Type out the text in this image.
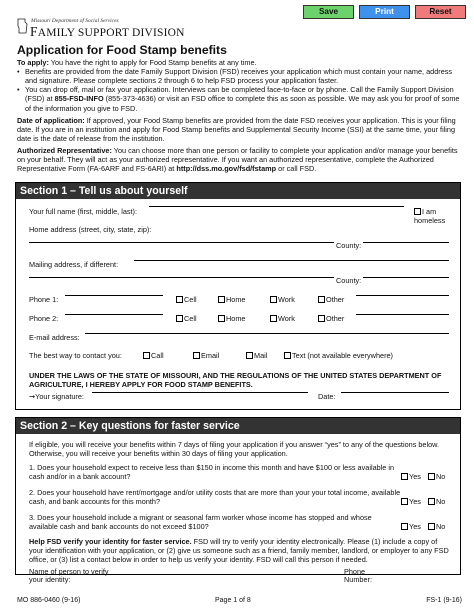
Save	Print	Reset
Missouri Department of Social Services
FAMILY SUPPORT DIVISION
Application for Food Stamp benefits

To apply: You have the right to apply for Food Stamp benefits at any time.

• Benefits are provided from the date Family Support Division (FSD) receives your application which must contain your name, address and signature. Please complete sections 2 through 6 to help FSD process your application faster.
• You can drop off, mail or fax your application. Interviews can be completed face-to-face or by phone. Call the Family Support Division (FSD) at 855-FSD-INFO (855-373-4636) or visit an FSD office to complete this as soon as possible. We may ask you for proof of some of the information you give to FSD.

Date of application: If approved, your Food Stamp benefits are provided from the date FSD receives your application. This is your filing date. If you are in an institution and apply for Food Stamp benefits and Supplemental Security Income (SSI) at the same time, your filing date is the date of release from the institution.

Authorized Representative: You can choose more than one person or facility to complete your application and/or manage your benefits on your behalf. They will act as your authorized representative. If you want an authorized representative, complete the Authorized Representative Form (FA-6ARF and FS-6ARI) at http://dss.mo.gov/fsd/fstamp or call FSD.

Section 1 – Tell us about yourself
Your full name (first, middle, last):	I am homeless
Home address (street, city, state, zip):
County:
Mailing address, if different:
County:
Phone 1:	Cell	Home	Work	Other
Phone 2:	Cell	Home	Work	Other
E-mail address:
The best way to contact you:	Call	Email	Mail	Text (not available everywhere)
UNDER THE LAWS OF THE STATE OF MISSOURI, AND THE REGULATIONS OF THE UNITED STATES DEPARTMENT OF AGRICULTURE, I HEREBY APPLY FOR FOOD STAMP BENEFITS.
➞Your signature:	Date:
Section 2 – Key questions for faster service
If eligible, you will receive your benefits within 7 days of filing your application if you answer “yes” to any of the questions below. Otherwise, you will receive your benefits within 30 days of filing your application.
1. Does your household expect to receive less than $150 in income this month and have $100 or less available in cash and/or in a bank account?	Yes	No
2. Does your household have rent/mortgage and/or utility costs that are more than your your total income, available cash, and bank accounts for this month?	Yes	No
3. Does your household include a migrant or seasonal farm worker whose income has stopped and whose available cash and bank accounts do not exceed $100?	Yes	No
Help FSD verify your identity for faster service. FSD will try to verify your identity electronically. Please (1) include a copy of your identification with your application, or (2) give us someone such as a friend, family member, landlord, or employer to any FSD office, or (3) list a contact below in order to help us verify your identity. FSD will call this person if needed.
Name of person to verify your identity:
Phone Number:
MO 886-0460 (9-16)	Page 1 of 8	FS-1 (9-16)
